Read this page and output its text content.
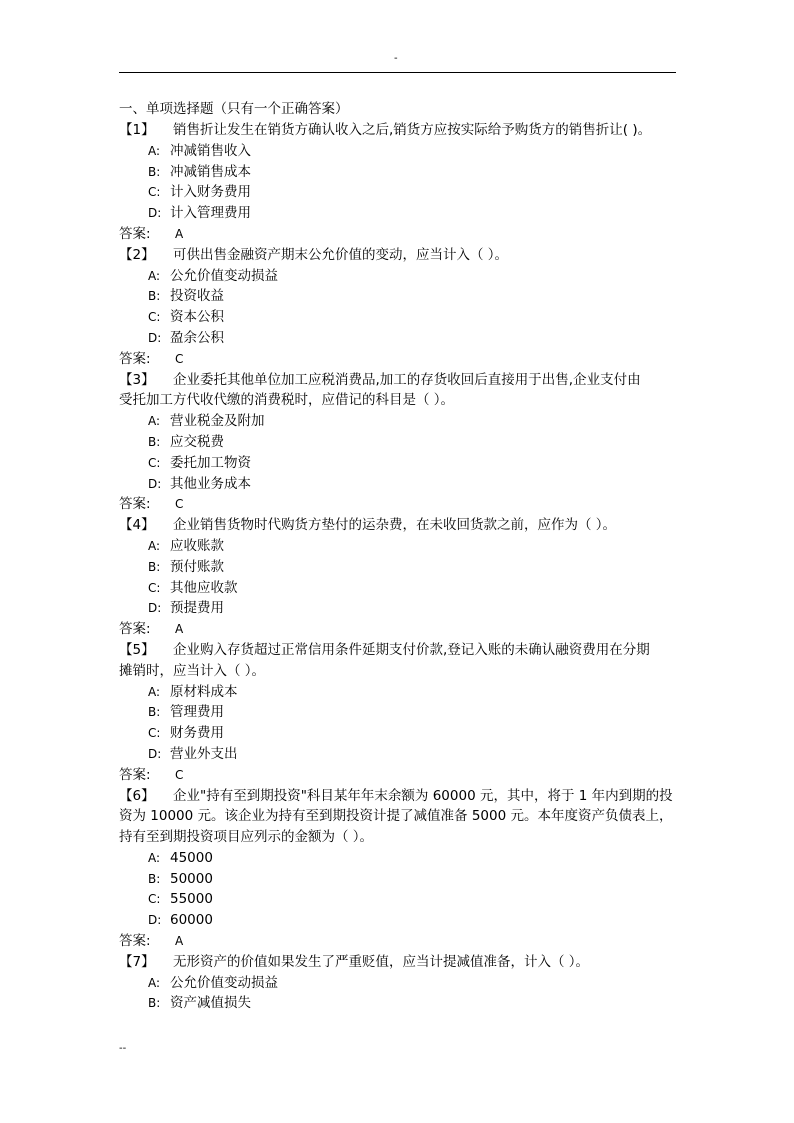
-
一、单项选择题（只有一个正确答案）
【1】 销售折让发生在销货方确认收入之后,销货方应按实际给予购货方的销售折让( )。
A: 冲减销售收入
B: 冲减销售成本
C: 计入财务费用
D: 计入管理费用
答案: A
【2】 可供出售金融资产期末公允价值的变动，应当计入（ ）。
A: 公允价值变动损益
B: 投资收益
C: 资本公积
D: 盈余公积
答案: C
【3】 企业委托其他单位加工应税消费品,加工的存货收回后直接用于出售,企业支付由
受托加工方代收代缴的消费税时，应借记的科目是（ ）。
A: 营业税金及附加
B: 应交税费
C: 委托加工物资
D: 其他业务成本
答案: C
【4】 企业销售货物时代购货方垫付的运杂费，在未收回货款之前，应作为（ ）。
A: 应收账款
B: 预付账款
C: 其他应收款
D: 预提费用
答案: A
【5】 企业购入存货超过正常信用条件延期支付价款,登记入账的未确认融资费用在分期
摊销时，应当计入（ ）。
A: 原材料成本
B: 管理费用
C: 财务费用
D: 营业外支出
答案: C
【6】 企业"持有至到期投资"科目某年年末余额为 60000 元，其中，将于 1 年内到期的投
资为 10000 元。该企业为持有至到期投资计提了减值准备 5000 元。本年度资产负债表上，
持有至到期投资项目应列示的金额为（ ）。
A: 45000
B: 50000
C: 55000
D: 60000
答案: A
【7】 无形资产的价值如果发生了严重贬值，应当计提减值准备，计入（ ）。
A: 公允价值变动损益
B: 资产减值损失
--
